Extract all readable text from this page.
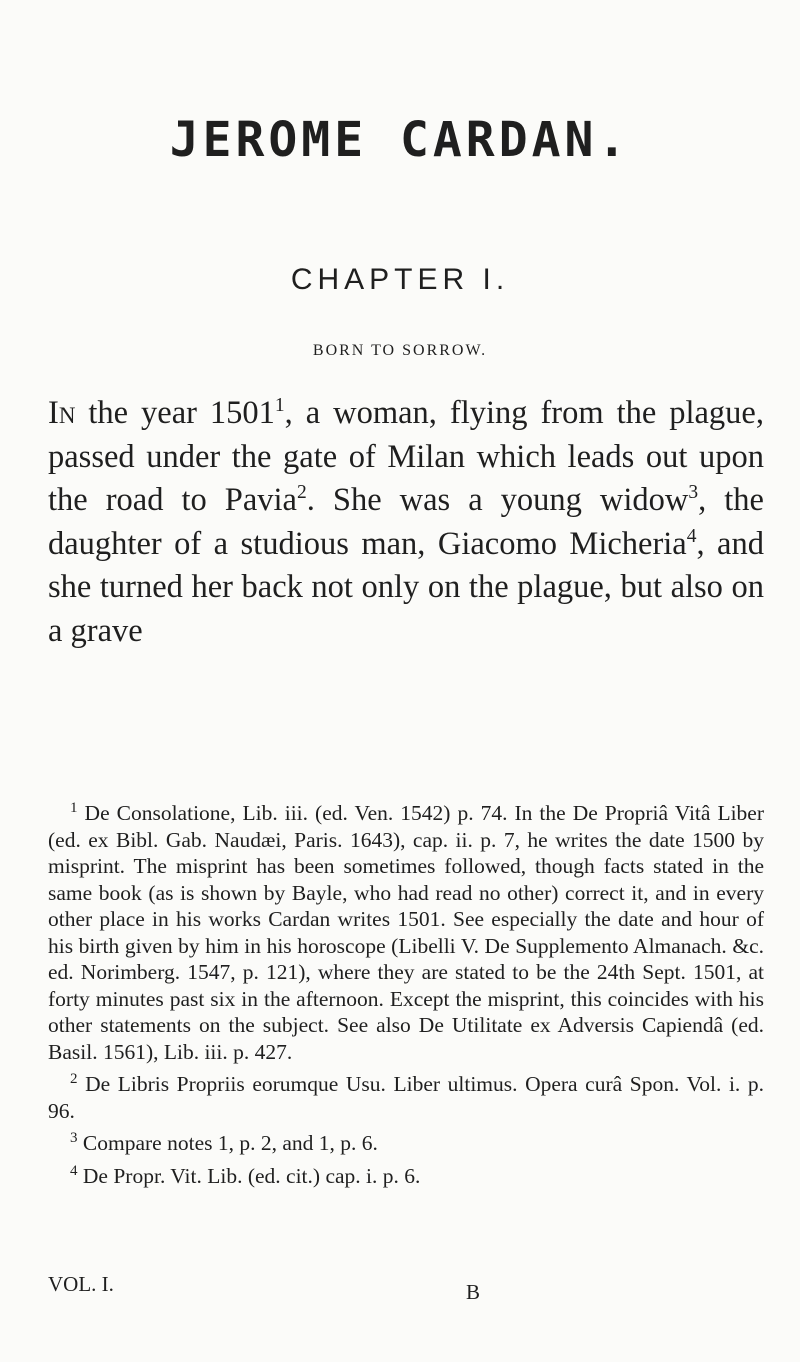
JEROME CARDAN.
CHAPTER I.
BORN TO SORROW.

In the year 1501$^1$, a woman, flying from the plague, passed under the gate of Milan which leads out upon the road to Pavia$^2$. She was a young widow$^3$, the daughter of a studious man, Giacomo Micheria$^4$, and she turned her back not only on the plague, but also on a grave

$^1$ De Consolatione, Lib. iii. (ed. Ven. 1542) p. 74. In the De Propriâ Vitâ Liber (ed. ex Bibl. Gab. Naudæi, Paris. 1643), cap. ii. p. 7, he writes the date 1500 by misprint. The misprint has been sometimes followed, though facts stated in the same book (as is shown by Bayle, who had read no other) correct it, and in every other place in his works Cardan writes 1501. See especially the date and hour of his birth given by him in his horoscope (Libelli V. De Supplemento Almanach. &c. ed. Norimberg. 1547, p. 121), where they are stated to be the 24th Sept. 1501, at forty minutes past six in the afternoon. Except the misprint, this coincides with his other statements on the subject. See also De Utilitate ex Adversis Capiendâ (ed. Basil. 1561), Lib. iii. p. 427.

$^2$ De Libris Propriis eorumque Usu. Liber ultimus. Opera curâ Spon. Vol. i. p. 96.

$^3$ Compare notes 1, p. 2, and 1, p. 6.

$^4$ De Propr. Vit. Lib. (ed. cit.) cap. i. p. 6.

VOL. I.	B
